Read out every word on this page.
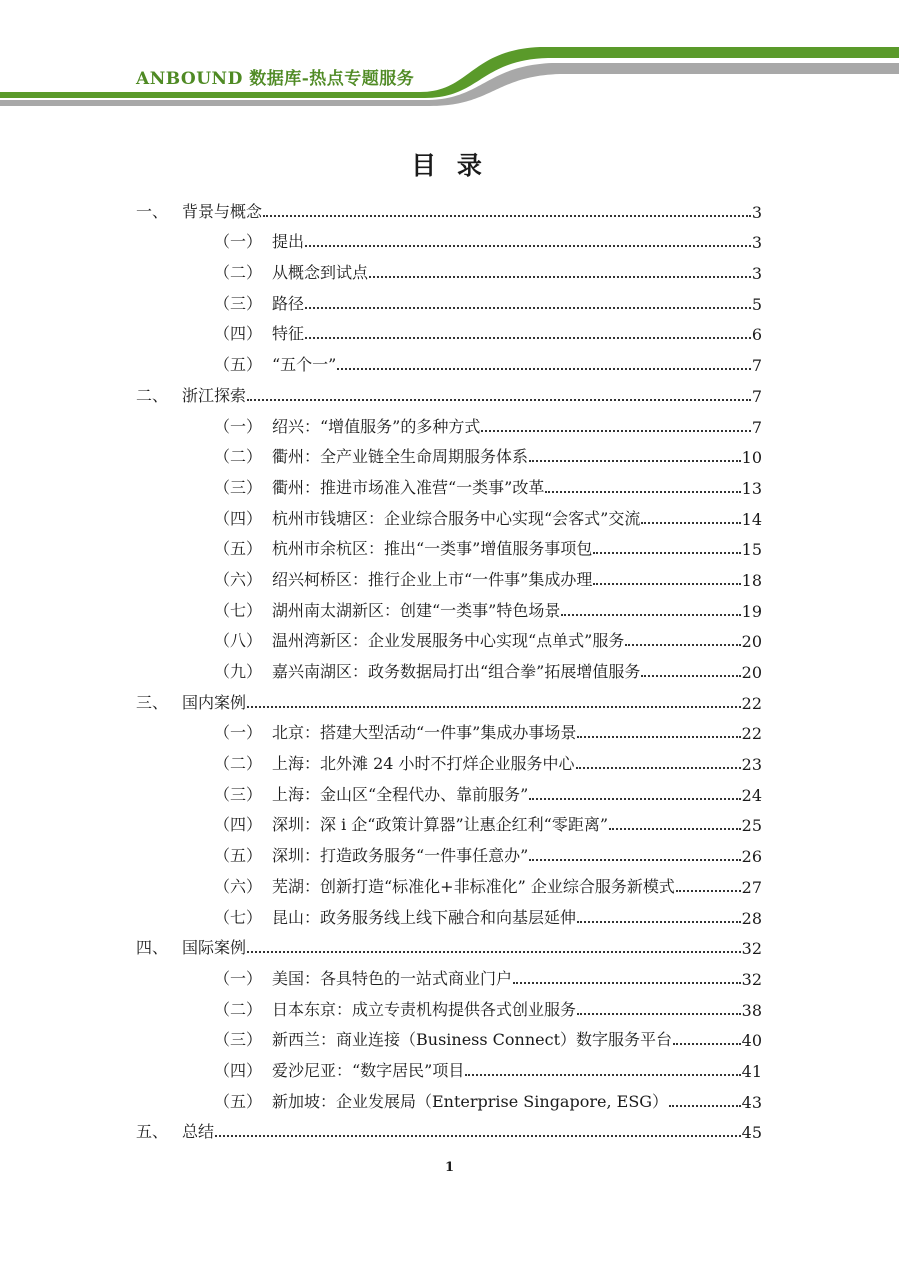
ANBOUND 数据库-热点专题服务
目 录
一、 背景与概念	3
（一） 提出	3
（二） 从概念到试点	3
（三） 路径	5
（四） 特征	6
（五） “五个一”	7
二、 浙江探索	7
（一） 绍兴：“增值服务”的多种方式	7
（二） 衢州：全产业链全生命周期服务体系	10
（三） 衢州：推进市场准入准营“一类事”改革	13
（四） 杭州市钱塘区：企业综合服务中心实现“会客式”交流	14
（五） 杭州市余杭区：推出“一类事”增值服务事项包	15
（六） 绍兴柯桥区：推行企业上市“一件事”集成办理	18
（七） 湖州南太湖新区：创建“一类事”特色场景	19
（八） 温州湾新区：企业发展服务中心实现“点单式”服务	20
（九） 嘉兴南湖区：政务数据局打出“组合拳”拓展增值服务	20
三、 国内案例	22
（一） 北京：搭建大型活动“一件事”集成办事场景	22
（二） 上海：北外滩 24 小时不打烊企业服务中心	23
（三） 上海：金山区“全程代办、靠前服务”	24
（四） 深圳：深 i 企“政策计算器”让惠企红利“零距离”	25
（五） 深圳：打造政务服务“一件事任意办”	26
（六） 芜湖：创新打造“标准化+非标准化” 企业综合服务新模式	27
（七） 昆山：政务服务线上线下融合和向基层延伸	28
四、 国际案例	32
（一） 美国：各具特色的一站式商业门户	32
（二） 日本东京：成立专责机构提供各式创业服务	38
（三） 新西兰：商业连接（Business Connect）数字服务平台	40
（四） 爱沙尼亚：“数字居民”项目	41
（五） 新加坡：企业发展局（Enterprise Singapore, ESG）	43
五、 总结	45
1
